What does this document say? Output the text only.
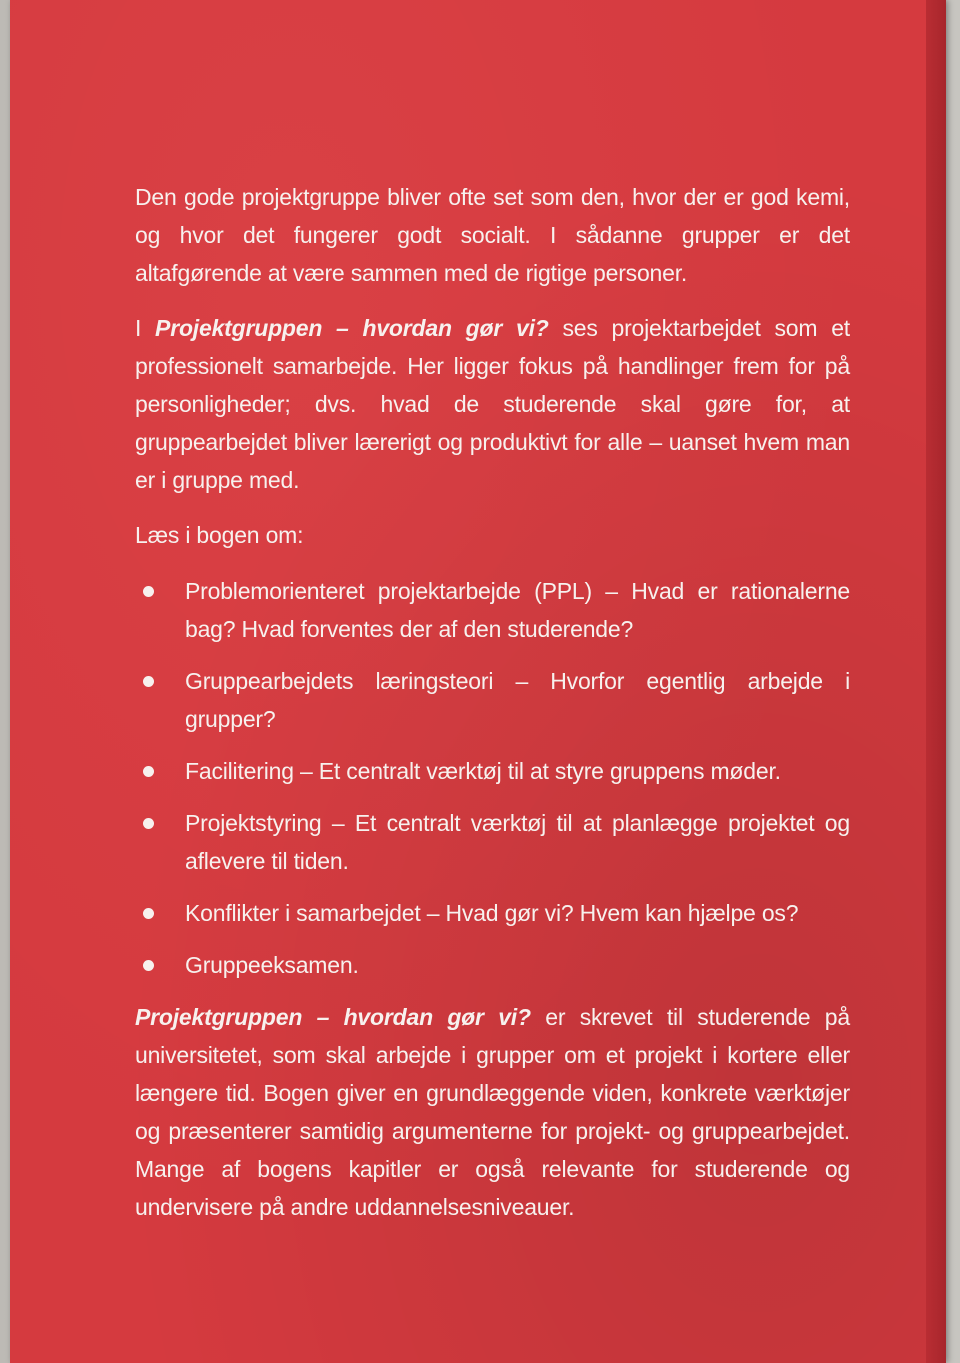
Den gode projektgruppe bliver ofte set som den, hvor der er god kemi, og hvor det fungerer godt socialt. I sådanne grupper er det altafgørende at være sammen med de rigtige personer.

I Projektgruppen – hvordan gør vi? ses projektarbejdet som et professionelt samarbejde. Her ligger fokus på handlinger frem for på personligheder; dvs. hvad de studerende skal gøre for, at gruppearbejdet bliver lærerigt og produktivt for alle – uanset hvem man er i gruppe med.

Læs i bogen om:

Problemorienteret projektarbejde (PPL) – Hvad er rationalerne bag? Hvad forventes der af den studerende?
Gruppearbejdets læringsteori – Hvorfor egentlig arbejde i grupper?
Facilitering – Et centralt værktøj til at styre gruppens møder.
Projektstyring – Et centralt værktøj til at planlægge projektet og aflevere til tiden.
Konflikter i samarbejdet – Hvad gør vi? Hvem kan hjælpe os?
Gruppeeksamen.

Projektgruppen – hvordan gør vi? er skrevet til studerende på universitetet, som skal arbejde i grupper om et projekt i kortere eller længere tid. Bogen giver en grundlæggende viden, konkrete værktøjer og præsenterer samtidig argumenterne for projekt- og gruppearbejdet. Mange af bogens kapitler er også relevante for studerende og undervisere på andre uddannelsesniveauer.
